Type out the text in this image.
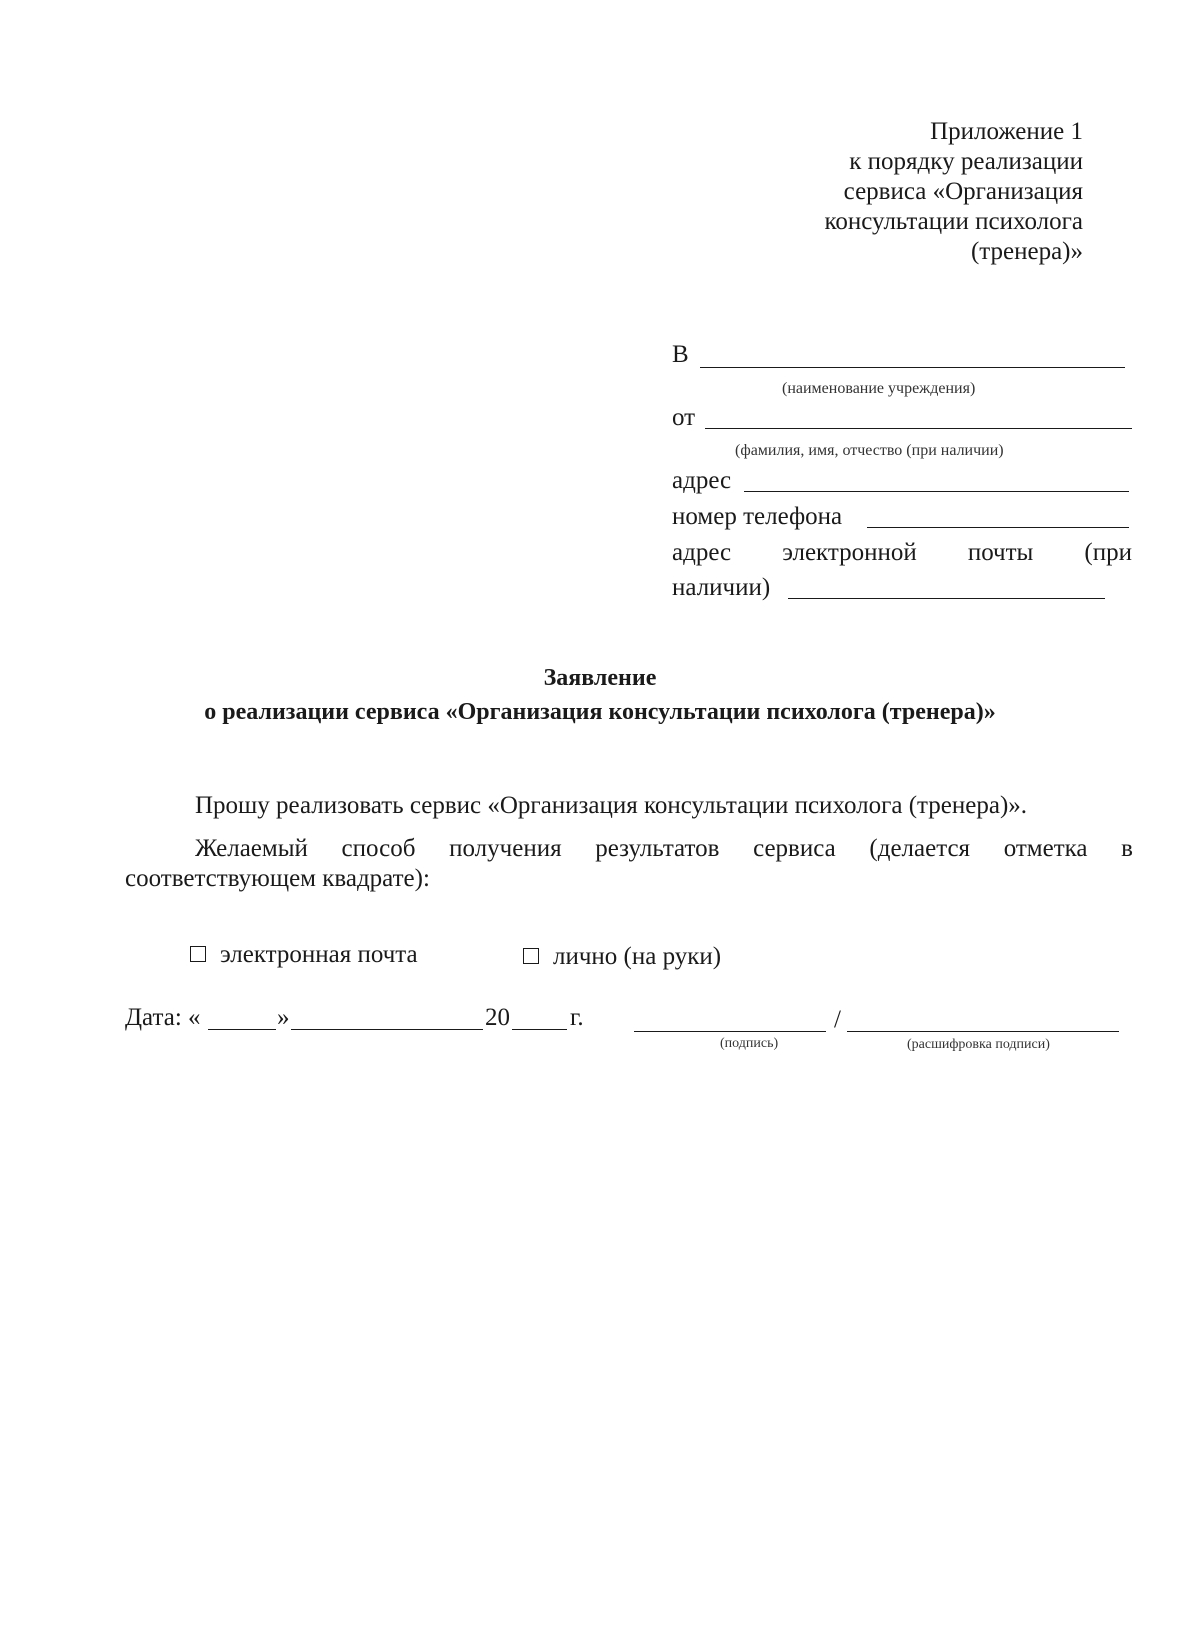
Приложение 1
к порядку реализации
сервиса «Организация
консультации психолога
(тренера)»
В
(наименование учреждения)
от
(фамилия, имя, отчество (при наличии)
адрес
номер телефона
адрес электронной почты (при
наличии)
Заявление
о реализации сервиса «Организация консультации психолога (тренера)»
Прошу реализовать сервис «Организация консультации психолога (тренера)».
Желаемый способ получения результатов сервиса (делается отметка в
соответствующем квадрате):
электронная почта	лично (на руки)
Дата: «	»	20 г.	/
(подпись)	(расшифровка подписи)
